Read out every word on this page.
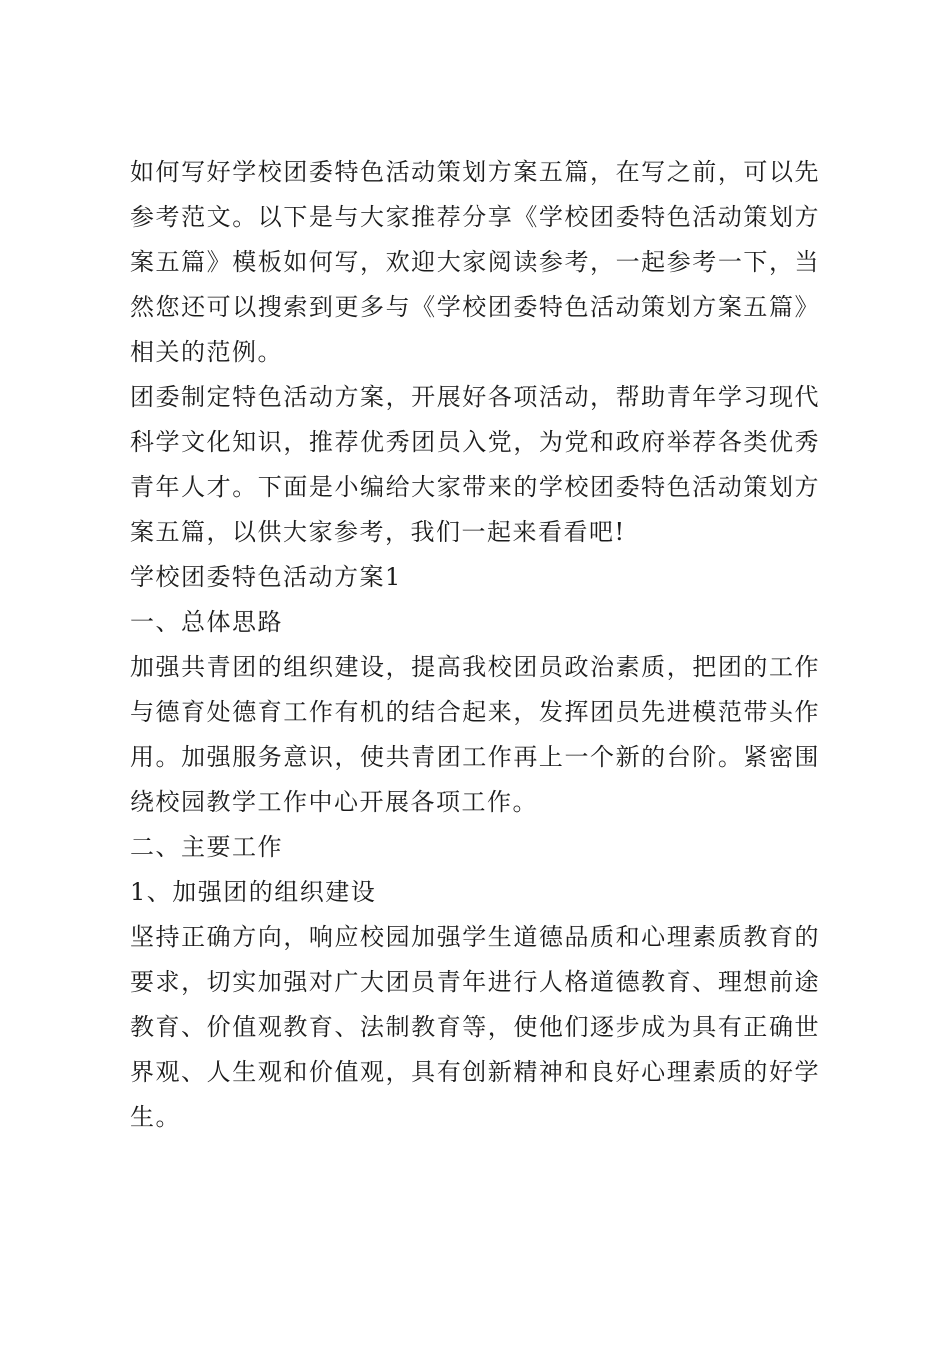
如何写好学校团委特色活动策划方案五篇，在写之前，可以先参考范文。以下是与大家推荐分享《学校团委特色活动策划方案五篇》模板如何写，欢迎大家阅读参考，一起参考一下，当然您还可以搜索到更多与《学校团委特色活动策划方案五篇》相关的范例。

团委制定特色活动方案，开展好各项活动，帮助青年学习现代科学文化知识，推荐优秀团员入党，为党和政府举荐各类优秀青年人才。下面是小编给大家带来的学校团委特色活动策划方案五篇，以供大家参考，我们一起来看看吧!

学校团委特色活动方案1

一、总体思路

加强共青团的组织建设，提高我校团员政治素质，把团的工作与德育处德育工作有机的结合起来，发挥团员先进模范带头作用。加强服务意识，使共青团工作再上一个新的台阶。紧密围绕校园教学工作中心开展各项工作。

二、主要工作

1、加强团的组织建设

坚持正确方向，响应校园加强学生道德品质和心理素质教育的要求，切实加强对广大团员青年进行人格道德教育、理想前途教育、价值观教育、法制教育等，使他们逐步成为具有正确世界观、人生观和价值观，具有创新精神和良好心理素质的好学生。
